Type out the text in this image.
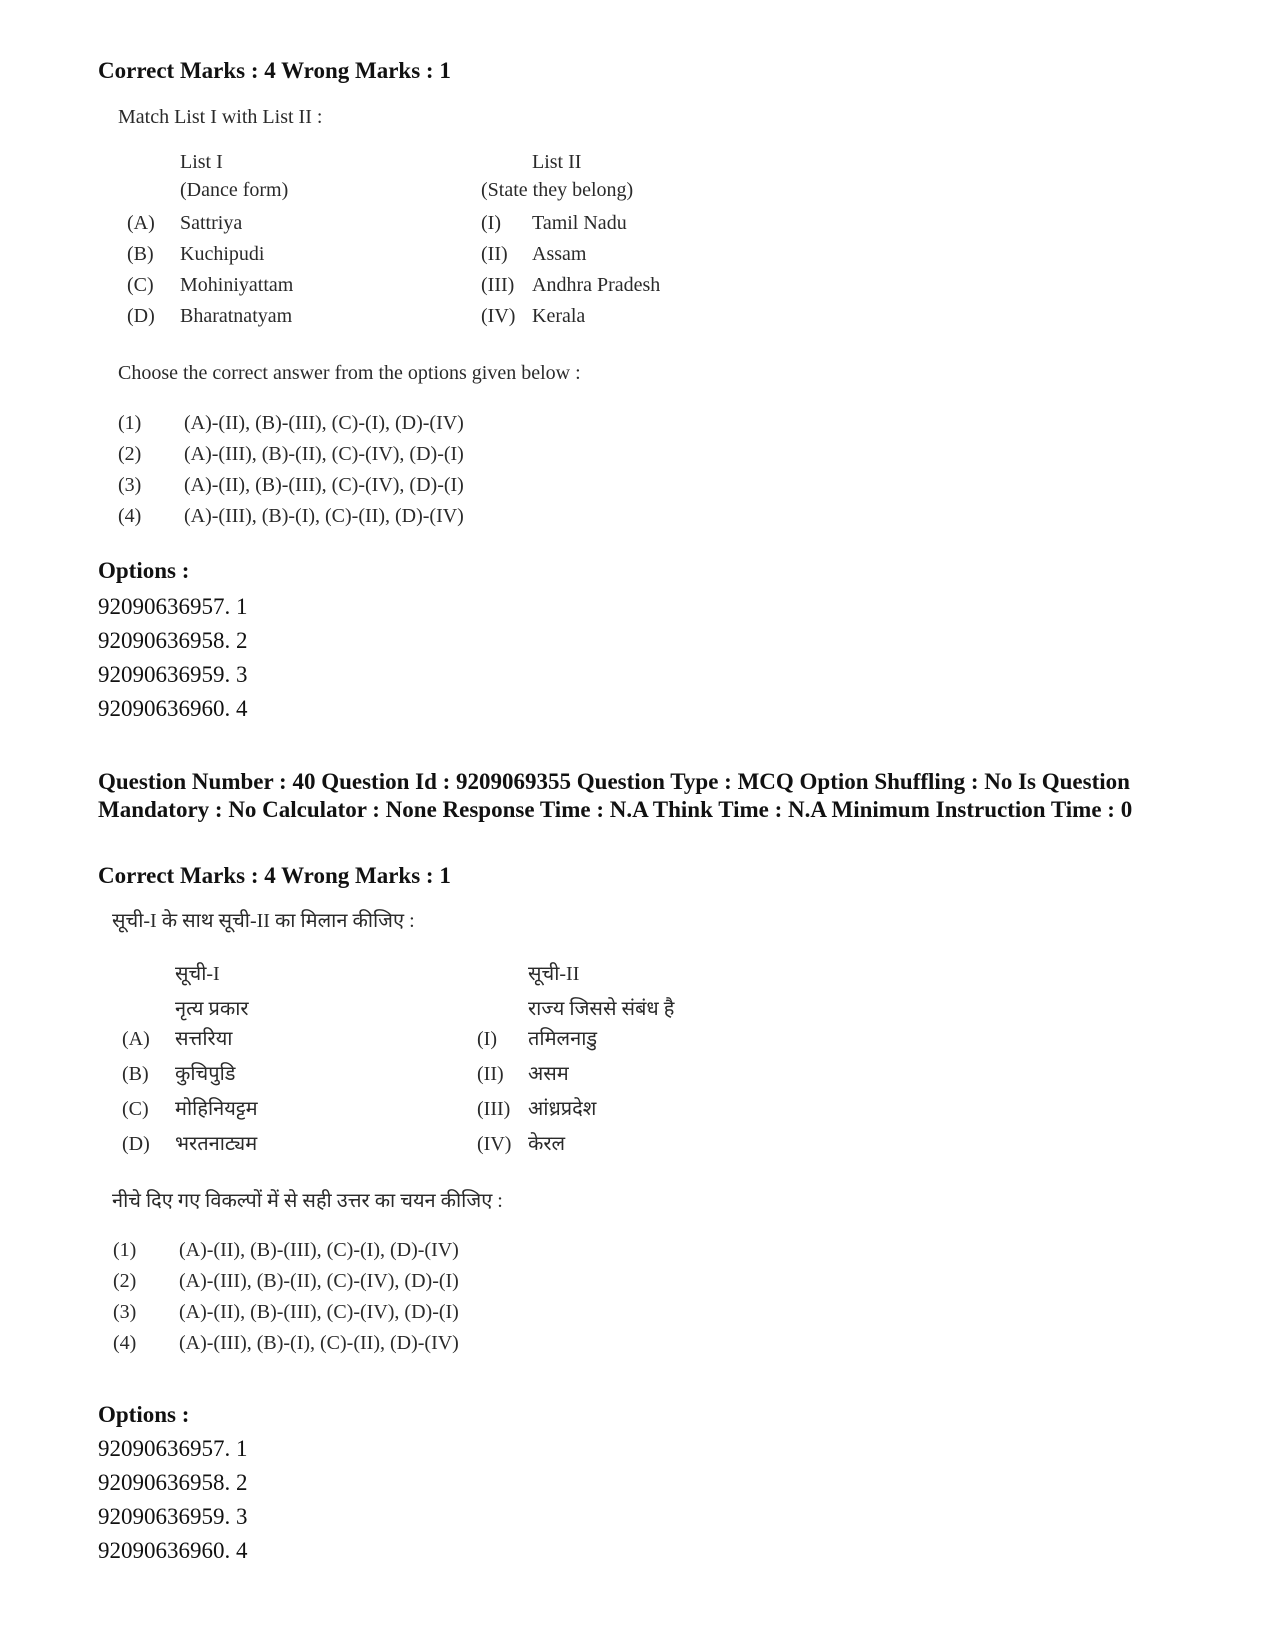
Correct Marks : 4 Wrong Marks : 1

Match List I with List II :
List I
(Dance form)
List II
(State they belong)
(A) Sattriya
(B) Kuchipudi
(C) Mohiniyattam
(D) Bharatnatyam
(I) Tamil Nadu
(II) Assam
(III) Andhra Pradesh
(IV) Kerala
Choose the correct answer from the options given below :
(1) (A)-(II), (B)-(III), (C)-(I), (D)-(IV)
(2) (A)-(III), (B)-(II), (C)-(IV), (D)-(I)
(3) (A)-(II), (B)-(III), (C)-(IV), (D)-(I)
(4) (A)-(III), (B)-(I), (C)-(II), (D)-(IV)

Options :

92090636957. 1
92090636958. 2
92090636959. 3
92090636960. 4

Question Number : 40 Question Id : 9209069355 Question Type : MCQ Option Shuffling : No Is Question Mandatory : No Calculator : None Response Time : N.A Think Time : N.A Minimum Instruction Time : 0

Correct Marks : 4 Wrong Marks : 1

सूची-I के साथ सूची-II का मिलान कीजिए :
सूची-I
नृत्य प्रकार
सूची-II
राज्य जिससे संबंध है
(A) सत्तरिया
(B) कुचिपुडि
(C) मोहिनियट्टम
(D) भरतनाट्यम
(I) तमिलनाडु
(II) असम
(III) आंध्रप्रदेश
(IV) केरल
नीचे दिए गए विकल्पों में से सही उत्तर का चयन कीजिए :
(1) (A)-(II), (B)-(III), (C)-(I), (D)-(IV)
(2) (A)-(III), (B)-(II), (C)-(IV), (D)-(I)
(3) (A)-(II), (B)-(III), (C)-(IV), (D)-(I)
(4) (A)-(III), (B)-(I), (C)-(II), (D)-(IV)

Options :

92090636957. 1
92090636958. 2
92090636959. 3
92090636960. 4
